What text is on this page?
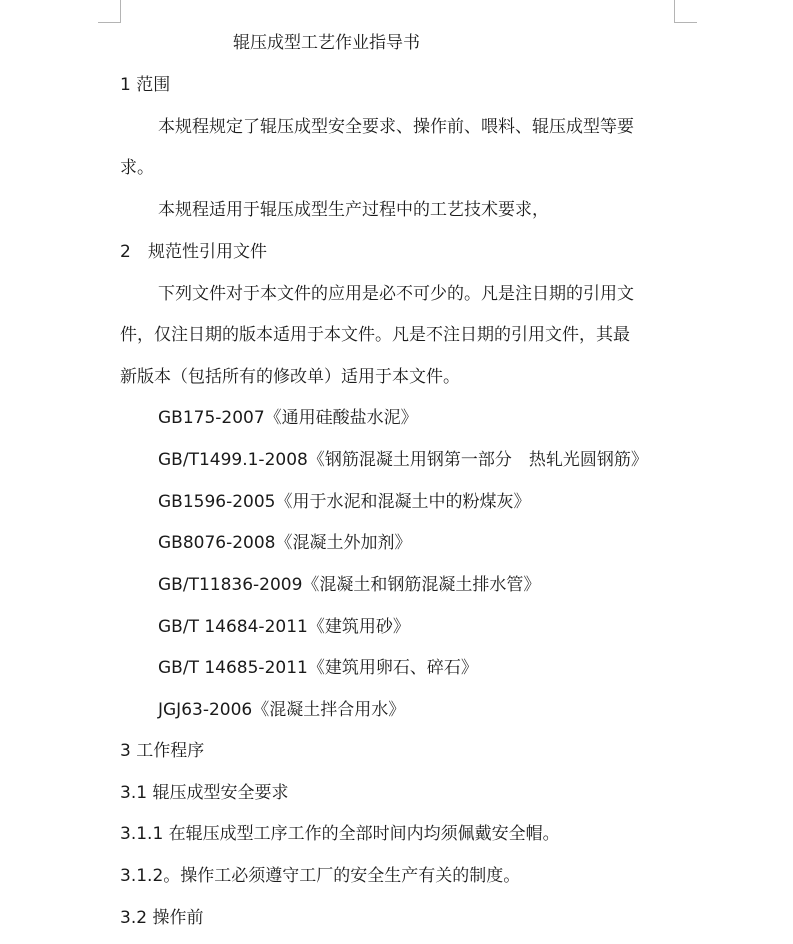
辊压成型工艺作业指导书
1 范围
本规程规定了辊压成型安全要求、操作前、喂料、辊压成型等要
求。
本规程适用于辊压成型生产过程中的工艺技术要求，
2 规范性引用文件
下列文件对于本文件的应用是必不可少的。凡是注日期的引用文
件，仅注日期的版本适用于本文件。凡是不注日期的引用文件，其最
新版本（包括所有的修改单）适用于本文件。
GB175-2007《通用硅酸盐水泥》
GB/T1499.1-2008《钢筋混凝土用钢第一部分　热轧光圆钢筋》
GB1596-2005《用于水泥和混凝土中的粉煤灰》
GB8076-2008《混凝土外加剂》
GB/T11836-2009《混凝土和钢筋混凝土排水管》
GB/T 14684-2011《建筑用砂》
GB/T 14685-2011《建筑用卵石、碎石》
JGJ63-2006《混凝土拌合用水》
3 工作程序
3.1 辊压成型安全要求
3.1.1 在辊压成型工序工作的全部时间内均须佩戴安全帽。
3.1.2。操作工必须遵守工厂的安全生产有关的制度。
3.2 操作前
